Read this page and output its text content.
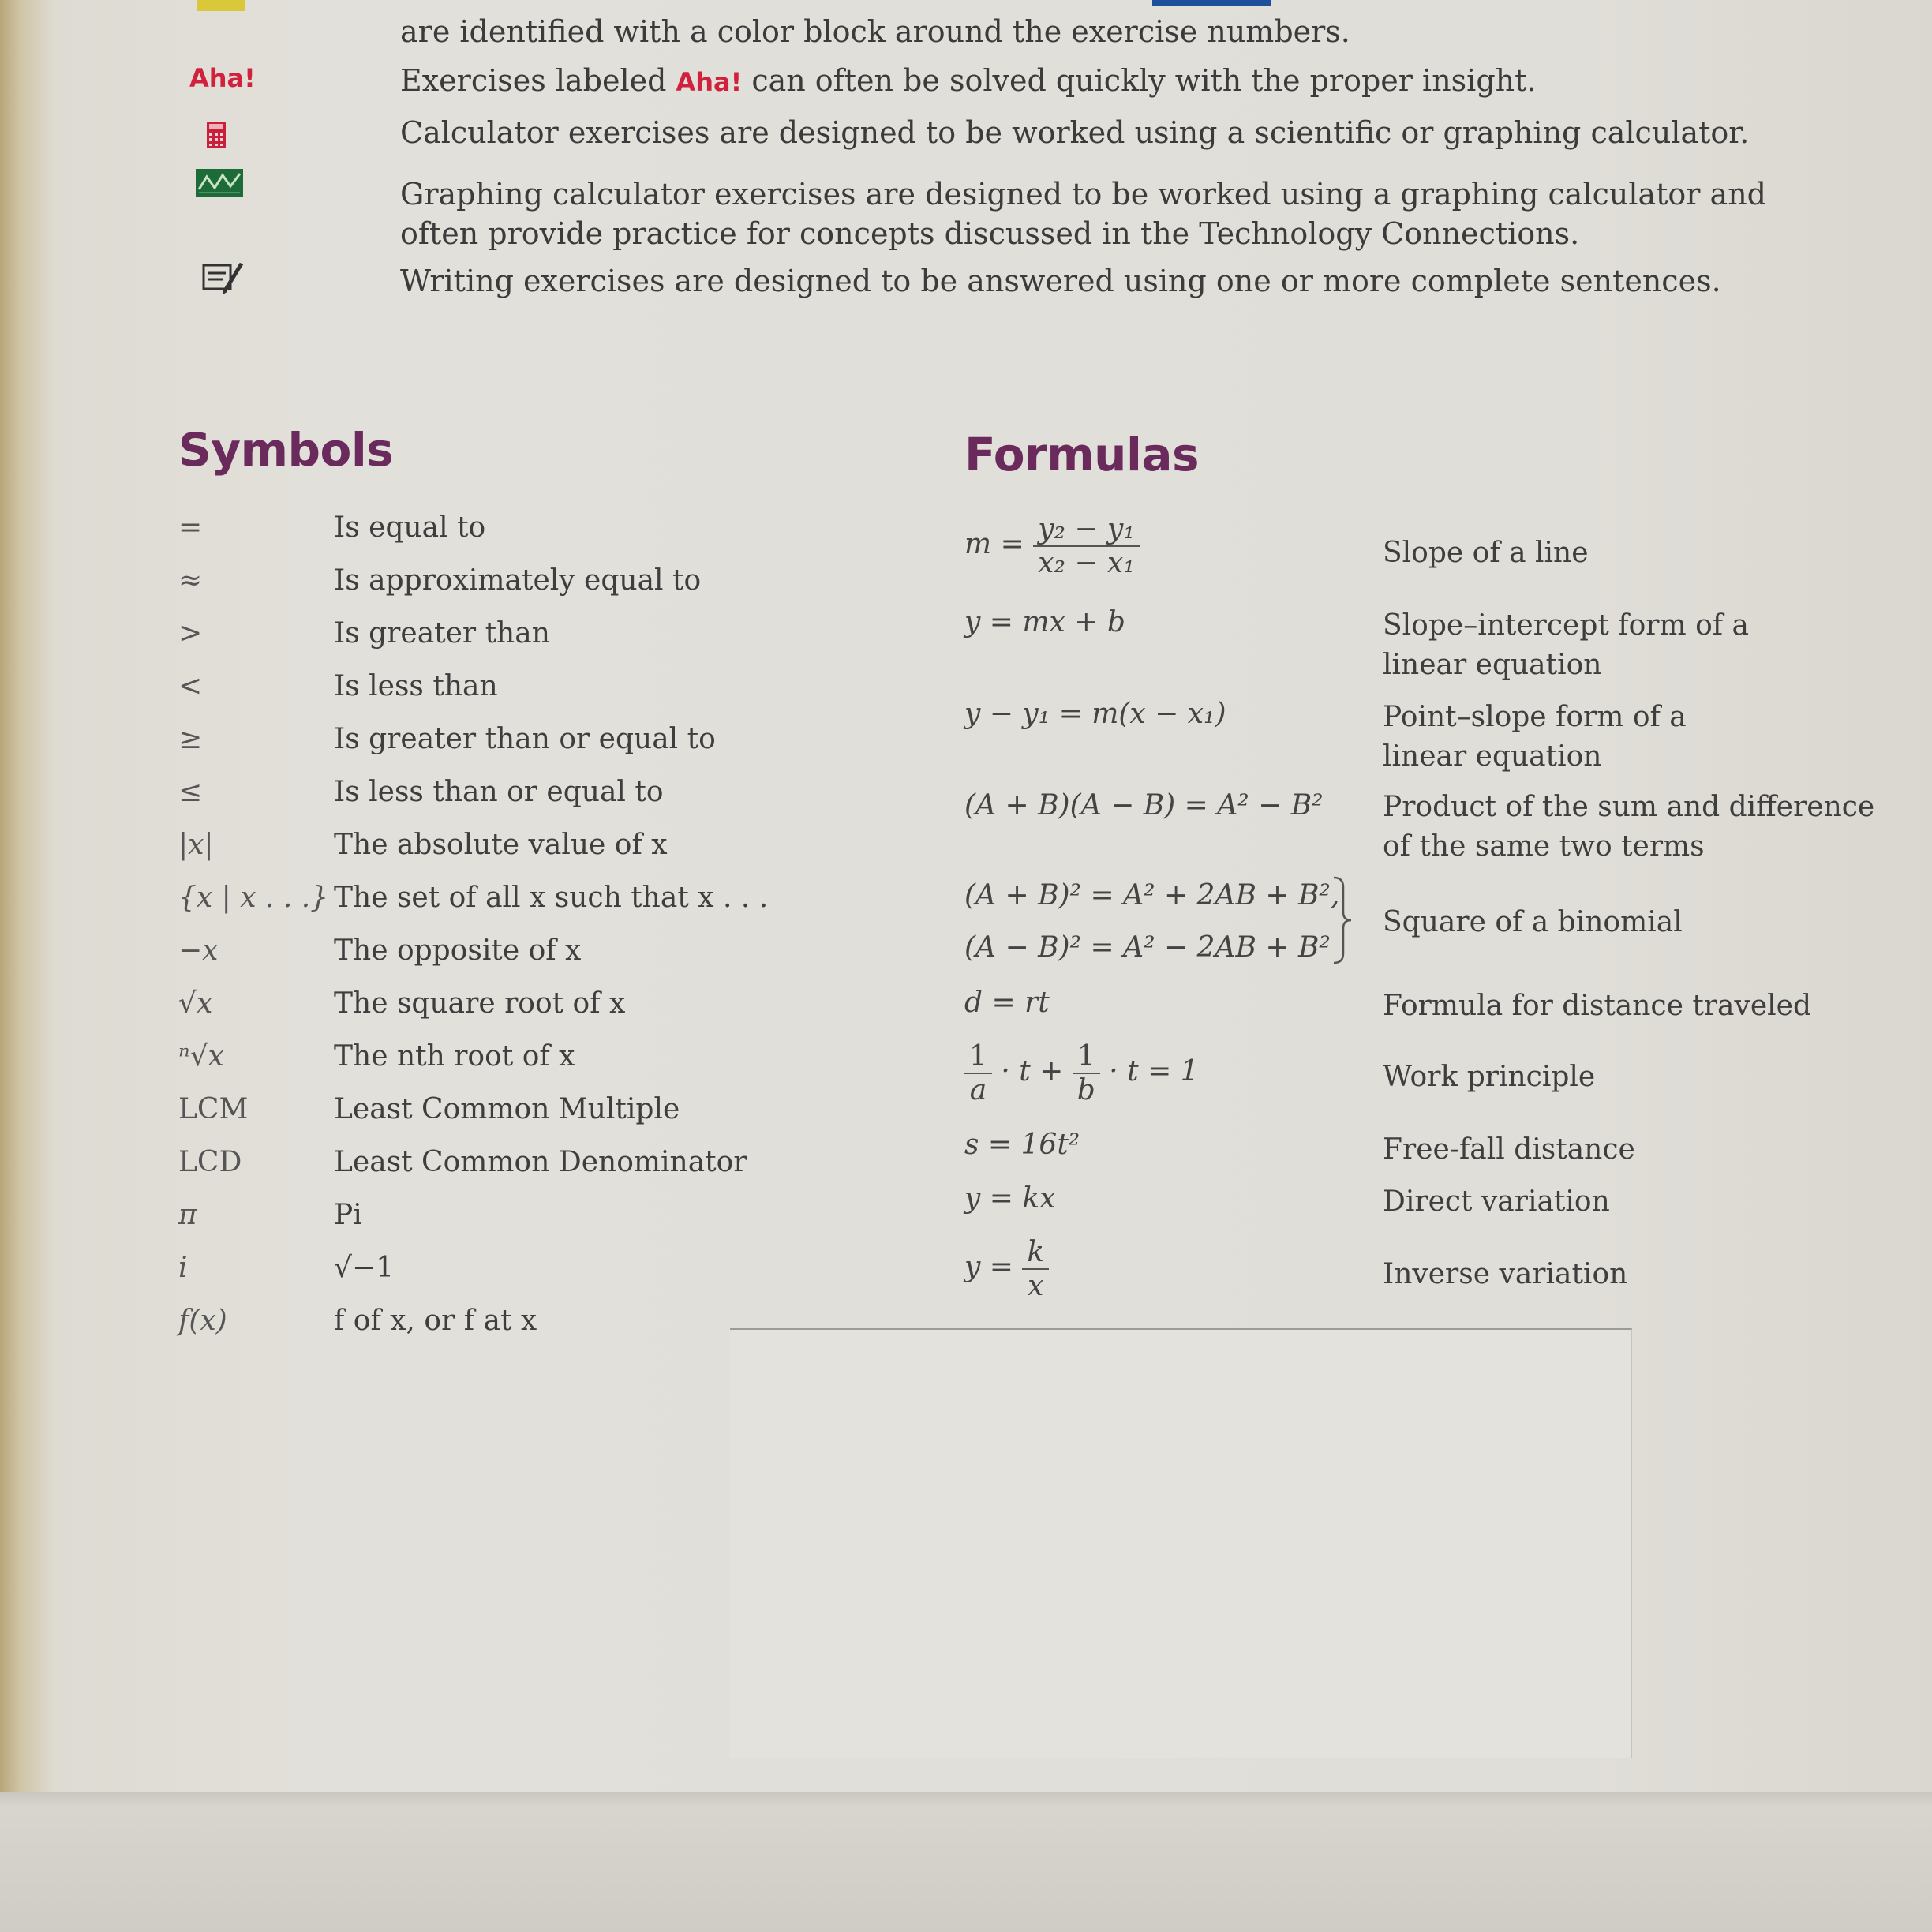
are identified with a color block around the exercise numbers.
Aha!	Exercises labeled Aha! can often be solved quickly with the proper insight.
Calculator exercises are designed to be worked using a scientific or graphing calculator.
Graphing calculator exercises are designed to be worked using a graphing calculator and
often provide practice for concepts discussed in the Technology Connections.
Writing exercises are designed to be answered using one or more complete sentences.
Symbols	Formulas
=	Is equal to
≈	Is approximately equal to
>	Is greater than
<	Is less than
≥	Is greater than or equal to
≤	Is less than or equal to
|x|	The absolute value of x
{x | x . . .} The set of all x such that x . . .
−x	The opposite of x
√x	The square root of x
ⁿ√x	The nth root of x
LCM	Least Common Multiple
LCD	Least Common Denominator
π	Pi
i	√−1
f(x)	f of x, or f at x
$m = \frac{\text{y₂ − y₁}}{\text{x₂ − x₁}}$	Slope of a line
y = mx + b	Slope–intercept form of a
linear equation
y − y₁ = m(x − x₁)	Point–slope form of a
linear equation
(A + B)(A − B) = A² − B² Product of the sum and difference
of the same two terms
(A + B)² = A² + 2AB + B²,
(A − B)² = A² − 2AB + B²
Square of a binomial
d = rt	Formula for distance traveled
$\frac{1}{a} \cdot t + \frac{1}{b} \cdot t = 1$	Work principle
s = 16t²	Free-fall distance
y = kx	Direct variation
$y = \frac{k}{x}$	Inverse variation
